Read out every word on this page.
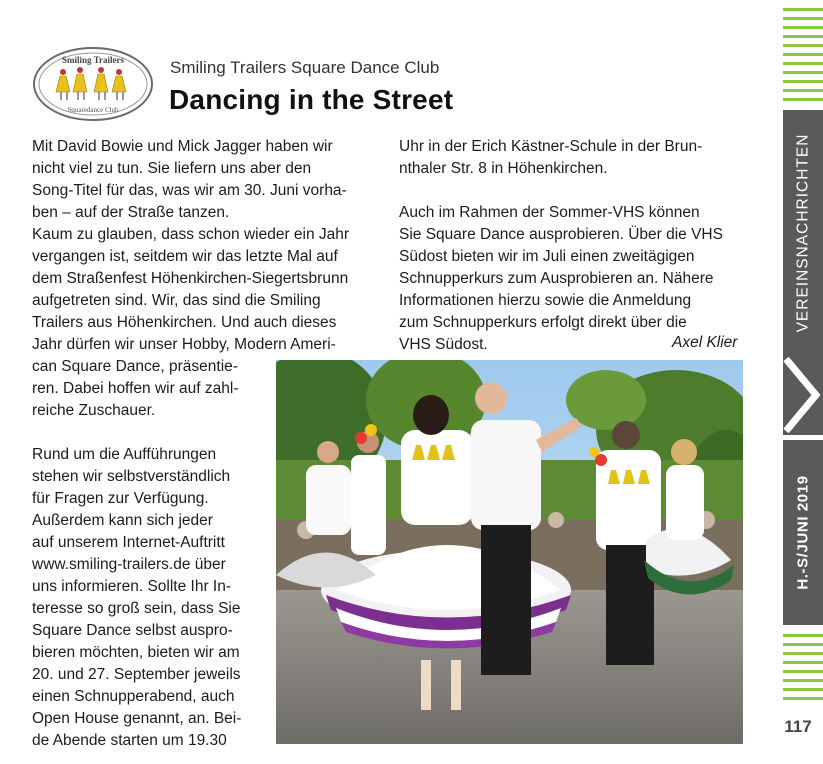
Smiling Trailers
Squaredance Club
Smiling Trailers Square Dance Club
Dancing in the Street
Mit David Bowie und Mick Jagger haben wir
nicht viel zu tun. Sie liefern uns aber den
Song-Titel für das, was wir am 30. Juni vorha-
ben – auf der Straße tanzen.
Kaum zu glauben, dass schon wieder ein Jahr
vergangen ist, seitdem wir das letzte Mal auf
dem Straßenfest Höhenkirchen-Siegertsbrunn
aufgetreten sind. Wir, das sind die Smiling
Trailers aus Höhenkirchen. Und auch dieses
Jahr dürfen wir unser Hobby, Modern Ameri-
can Square Dance, präsentie-
ren. Dabei hoffen wir auf zahl-
reiche Zuschauer.
Rund um die Aufführungen
stehen wir selbstverständlich
für Fragen zur Verfügung.
Außerdem kann sich jeder
auf unserem Internet-Auftritt
www.smiling-trailers.de über
uns informieren. Sollte Ihr In-
teresse so groß sein, dass Sie
Square Dance selbst auspro-
bieren möchten, bieten wir am
20. und 27. September jeweils
einen Schnupperabend, auch
Open House genannt, an. Bei-
de Abende starten um 19.30
Uhr in der Erich Kästner-Schule in der Brun-
nthaler Str. 8 in Höhenkirchen.
Auch im Rahmen der Sommer-VHS können
Sie Square Dance ausprobieren. Über die VHS
Südost bieten wir im Juli einen zweitägigen
Schnupperkurs zum Ausprobieren an. Nähere
Informationen hierzu sowie die Anmeldung
zum Schnupperkurs erfolgt direkt über die
VHS Südost.	Axel Klier
VEREINSNACHRICHTEN
H.-S/JUNI 2019
117
